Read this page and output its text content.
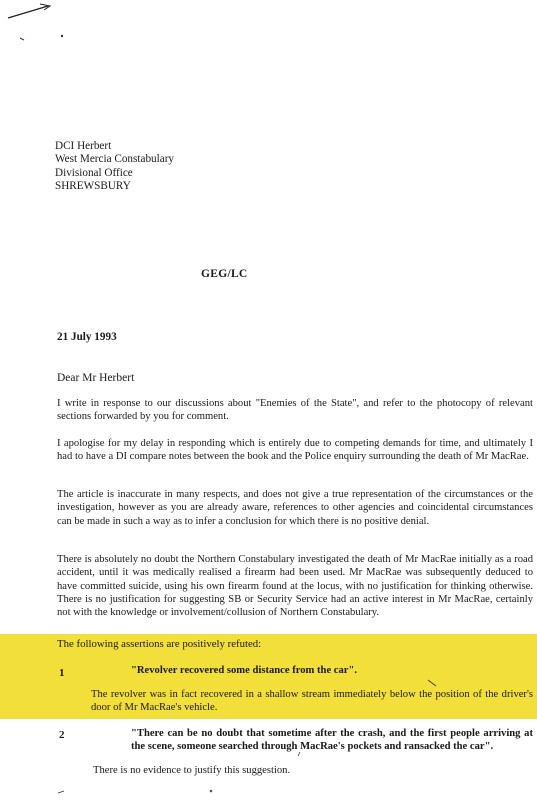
DCI Herbert
West Mercia Constabulary
Divisional Office
SHREWSBURY
GEG/LC
21 July 1993
Dear Mr Herbert

I write in response to our discussions about "Enemies of the State", and refer to the photocopy of relevant sections forwarded by you for comment.

I apologise for my delay in responding which is entirely due to competing demands for time, and ultimately I had to have a DI compare notes between the book and the Police enquiry surrounding the death of Mr MacRae.

The article is inaccurate in many respects, and does not give a true representation of the circumstances or the investigation, however as you are already aware, references to other agencies and coincidental circumstances can be made in such a way as to infer a conclusion for which there is no positive denial.

There is absolutely no doubt the Northern Constabulary investigated the death of Mr MacRae initially as a road accident, until it was medically realised a firearm had been used. Mr MacRae was subsequently deduced to have committed suicide, using his own firearm found at the locus, with no justification for thinking otherwise. There is no justification for suggesting SB or Security Service had an active interest in Mr MacRae, certainly not with the knowledge or involvement/collusion of Northern Constabulary.

The following assertions are positively refuted:
1	"Revolver recovered some distance from the car".
The revolver was in fact recovered in a shallow stream immediately below the position of the driver's door of Mr MacRae's vehicle.
2	"There can be no doubt that sometime after the crash, and the first people arriving at the scene, someone searched through MacRae's pockets and ransacked the car".
There is no evidence to justify this suggestion.
